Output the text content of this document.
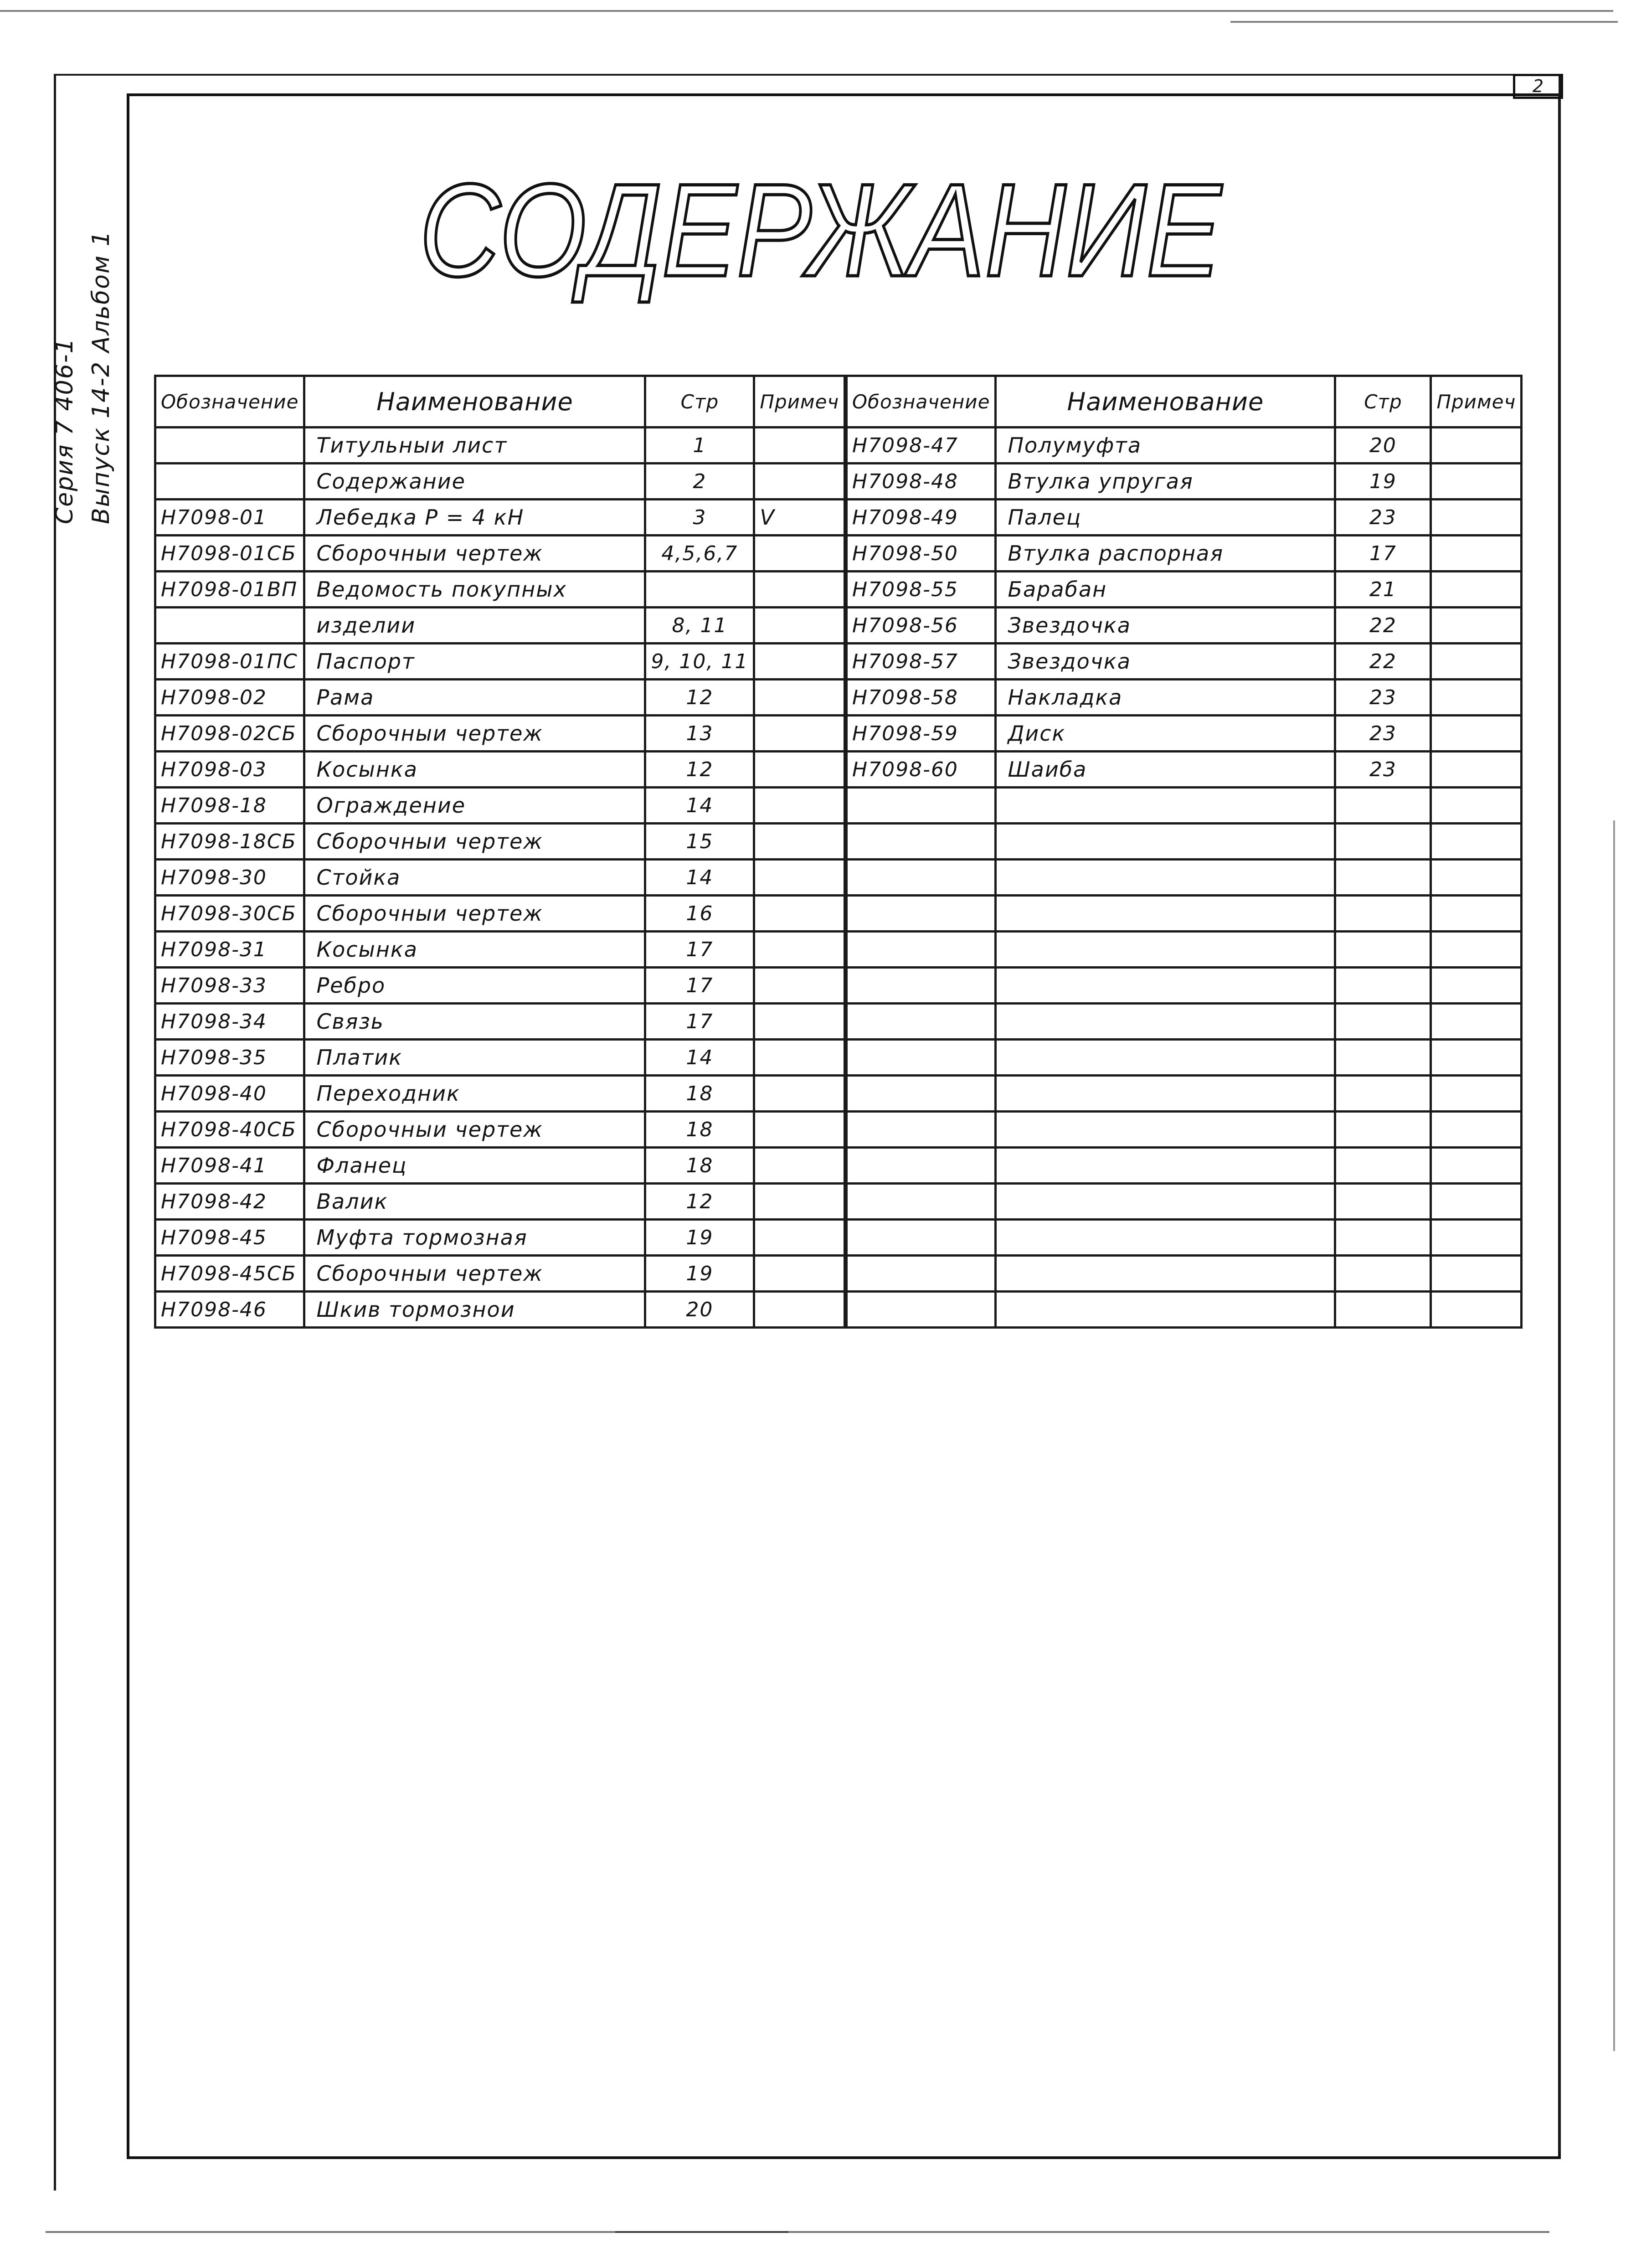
2
Серия 7 406-1 Выпуск 14-2 Альбом 1
СОДЕРЖАНИЕ
Обозначение	Наименование	Стр	Примеч
	Титульныи лист	1	
	Содержание	2	
Н7098-01	Лебедка Р = 4 кН	3	V
Н7098-01СБ	Сборочныи чертеж	4,5,6,7	
Н7098-01ВП	Ведомость покупных		
	изделии	8, 11	
Н7098-01ПС	Паспорт	9, 10, 11	
Н7098-02	Рама	12	
Н7098-02СБ	Сборочныи чертеж	13	
Н7098-03	Косынка	12	
Н7098-18	Ограждение	14	
Н7098-18СБ	Сборочныи чертеж	15	
Н7098-30	Стойка	14	
Н7098-30СБ	Сборочныи чертеж	16	
Н7098-31	Косынка	17	
Н7098-33	Ребро	17	
Н7098-34	Связь	17	
Н7098-35	Платик	14	
Н7098-40	Переходник	18	
Н7098-40СБ	Сборочныи чертеж	18	
Н7098-41	Фланец	18	
Н7098-42	Валик	12	
Н7098-45	Муфта тормозная	19	
Н7098-45СБ	Сборочныи чертеж	19	
Н7098-46	Шкив тормознои	20	
Обозначение	Наименование	Стр	Примеч
Н7098-47	Полумуфта	20	
Н7098-48	Втулка упругая	19	
Н7098-49	Палец	23	
Н7098-50	Втулка распорная	17	
Н7098-55	Барабан	21	
Н7098-56	Звездочка	22	
Н7098-57	Звездочка	22	
Н7098-58	Накладка	23	
Н7098-59	Диск	23	
Н7098-60	Шаиба	23	
